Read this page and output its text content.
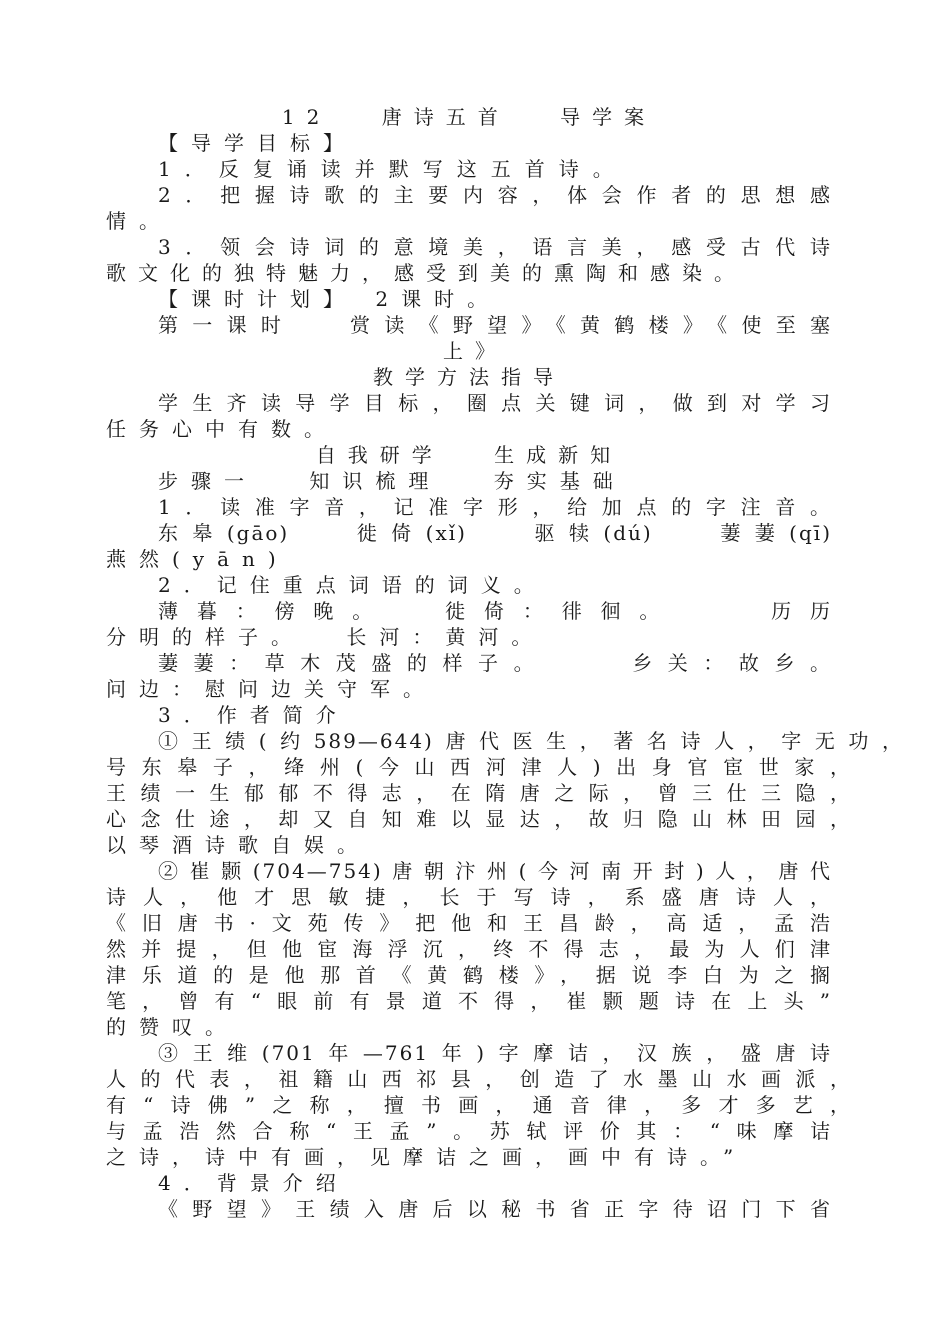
12　 唐诗五首　 导学案
【导学目标】
1．反复诵读并默写这五首诗。
2．把握诗歌的主要内容，体会作者的思想感
情。
3．领会诗词的意境美，语言美，感受古代诗
歌文化的独特魅力，感受到美的熏陶和感染。
【课时计划】 2课时。
第一课时　 赏读《野望》《黄鹤楼》《使至塞
上》
教学方法指导
学生齐读导学目标，圈点关键词，做到对学习
任务心中有数。
自我研学　 生成新知
步骤一　 知识梳理　 夯实基础
1．读准字音，记准字形，给加点的字注音。
东皋(gāo)　 徙倚(xǐ)　 驱犊(dú)　 萋萋(qī)
燕然(yān)
2．记住重点词语的词义。
薄暮：傍晚。　 徙倚：徘徊。　　 历历
分明的样子。　 长河：黄河。
萋萋：草木茂盛的样子。　　 乡关：故乡。
问边：慰问边关守军。
3．作者简介
①王绩(约589—644)唐代医生，著名诗人，字无功，
号东皋子，绛州(今山西河津人)出身官宦世家，
王绩一生郁郁不得志，在隋唐之际，曾三仕三隐，
心念仕途，却又自知难以显达，故归隐山林田园，
以琴酒诗歌自娱。
②崔颢(704—754)唐朝汴州(今河南开封)人，唐代
诗人，他才思敏捷，长于写诗，系盛唐诗人，
《旧唐书·文苑传》把他和王昌龄，高适，孟浩
然并提，但他宦海浮沉，终不得志，最为人们津
津乐道的是他那首《黄鹤楼》，据说李白为之搁
笔，曾有“眼前有景道不得，崔颢题诗在上头”
的赞叹。
③王维(701年—761年)字摩诘，汉族，盛唐诗
人的代表，祖籍山西祁县，创造了水墨山水画派，
有“诗佛”之称，擅书画，通音律，多才多艺，
与孟浩然合称“王孟”。苏轼评价其：“味摩诘
之诗，诗中有画，见摩诘之画，画中有诗。”
4．背景介绍
《野望》王绩入唐后以秘书省正字待诏门下省
